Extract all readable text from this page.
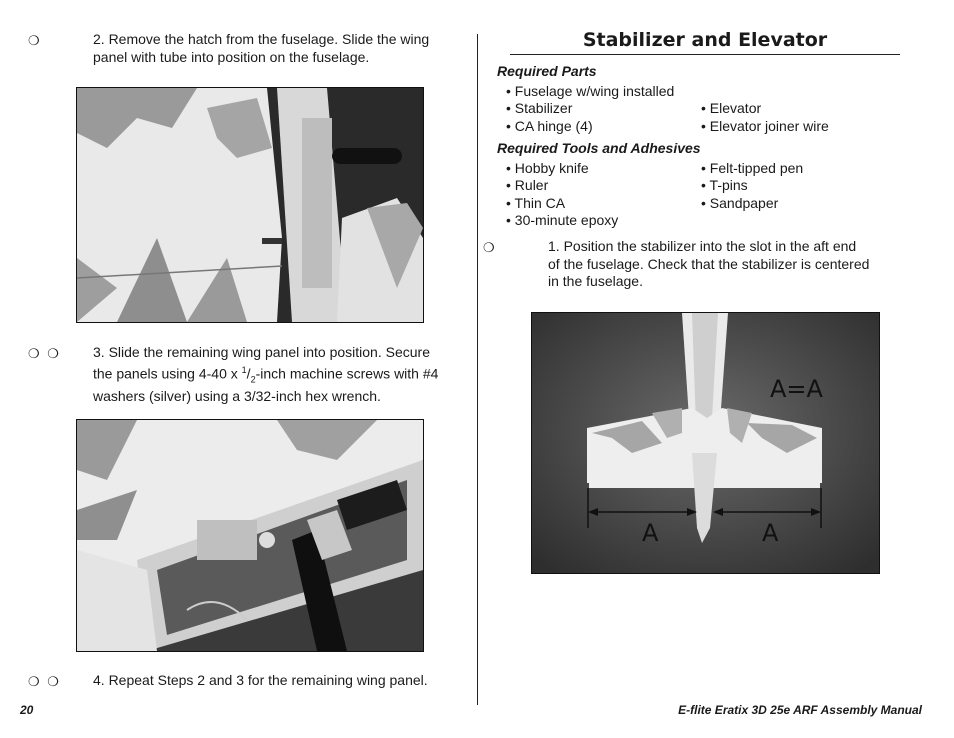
❍	2. Remove the hatch from the fuselage. Slide the wing
panel with tube into position on the fuselage.
❍ ❍ 3. Slide the remaining wing panel into position. Secure
the panels using 4-40 x $^1/_2$-inch machine screws with #4
washers (silver) using a 3/32-inch hex wrench.
❍ ❍ 4. Repeat Steps 2 and 3 for the remaining wing panel.
Stabilizer and Elevator
Required Parts
• Fuselage w/wing installed
• Stabilizer	• Elevator
• CA hinge (4)	• Elevator joiner wire
Required Tools and Adhesives
• Hobby knife	• Felt-tipped pen
• Ruler	• T-pins
• Thin CA	• Sandpaper
• 30-minute epoxy
❍	1. Position the stabilizer into the slot in the aft end
of the fuselage. Check that the stabilizer is centered
in the fuselage.
A=A
A	A
20	E-flite Eratix 3D 25e ARF Assembly Manual
